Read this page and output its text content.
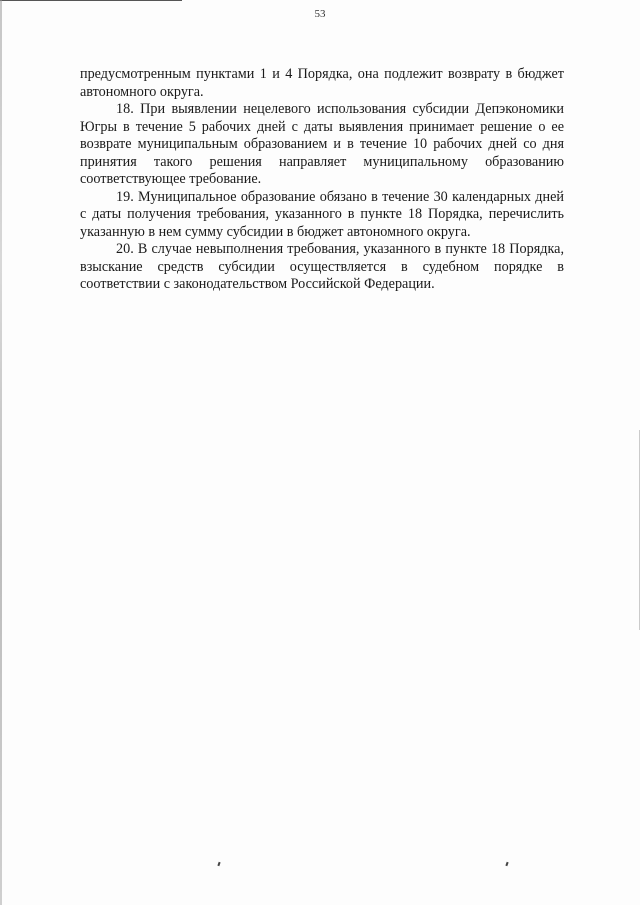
53

предусмотренным пунктами 1 и 4 Порядка, она подлежит возврату в бюджет автономного округа.

18. При выявлении нецелевого использования субсидии Депэкономики Югры в течение 5 рабочих дней с даты выявления принимает решение о ее возврате муниципальным образованием и в течение 10 рабочих дней со дня принятия такого решения направляет муниципальному образованию соответствующее требование.

19. Муниципальное образование обязано в течение 30 календарных дней с даты получения требования, указанного в пункте 18 Порядка, перечислить указанную в нем сумму субсидии в бюджет автономного округа.

20. В случае невыполнения требования, указанного в пункте 18 Порядка, взыскание средств субсидии осуществляется в судебном порядке в соответствии с законодательством Российской Федерации.
